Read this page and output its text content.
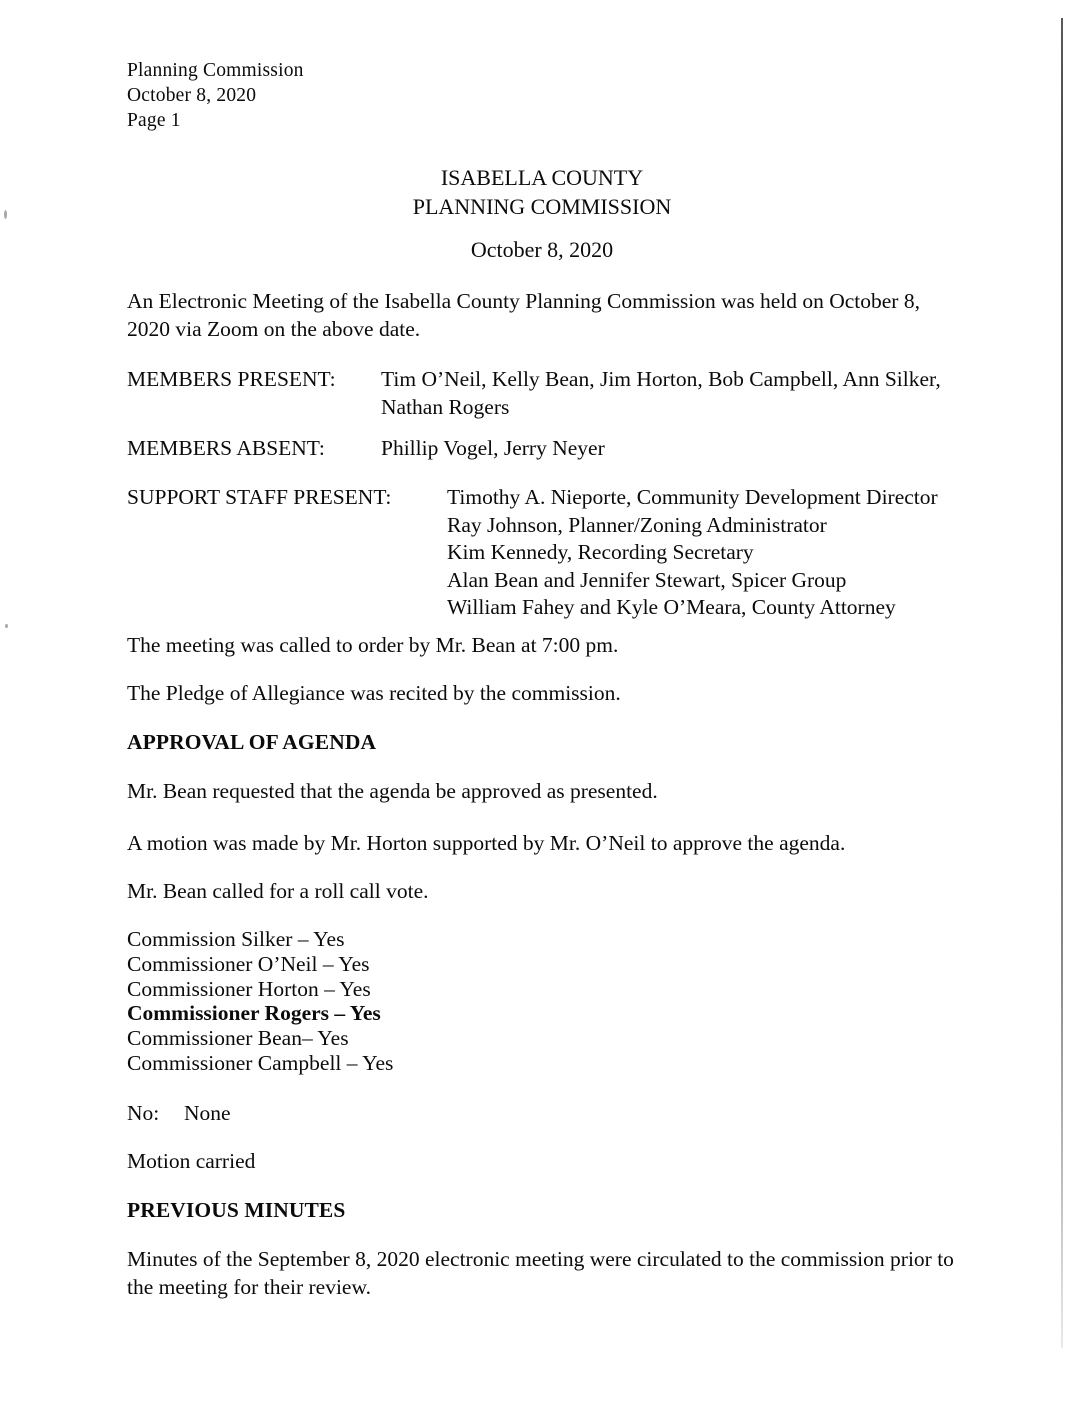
Planning Commission
October 8, 2020
Page 1
ISABELLA COUNTY
PLANNING COMMISSION
October 8, 2020

An Electronic Meeting of the Isabella County Planning Commission was held on October 8, 2020 via Zoom on the above date.

MEMBERS PRESENT: Tim O’Neil, Kelly Bean, Jim Horton, Bob Campbell, Ann Silker, Nathan Rogers
MEMBERS ABSENT:	Phillip Vogel, Jerry Neyer
SUPPORT STAFF PRESENT:	Timothy A. Nieporte, Community Development Director
Ray Johnson, Planner/Zoning Administrator
Kim Kennedy, Recording Secretary
Alan Bean and Jennifer Stewart, Spicer Group
William Fahey and Kyle O’Meara, County Attorney

The meeting was called to order by Mr. Bean at 7:00 pm.

The Pledge of Allegiance was recited by the commission.

APPROVAL OF AGENDA

Mr. Bean requested that the agenda be approved as presented.

A motion was made by Mr. Horton supported by Mr. O’Neil to approve the agenda.

Mr. Bean called for a roll call vote.

Commission Silker – Yes
Commissioner O’Neil – Yes
Commissioner Horton – Yes
Commissioner Rogers – Yes
Commissioner Bean– Yes
Commissioner Campbell – Yes
No: None

Motion carried

PREVIOUS MINUTES

Minutes of the September 8, 2020 electronic meeting were circulated to the commission prior to the meeting for their review.
